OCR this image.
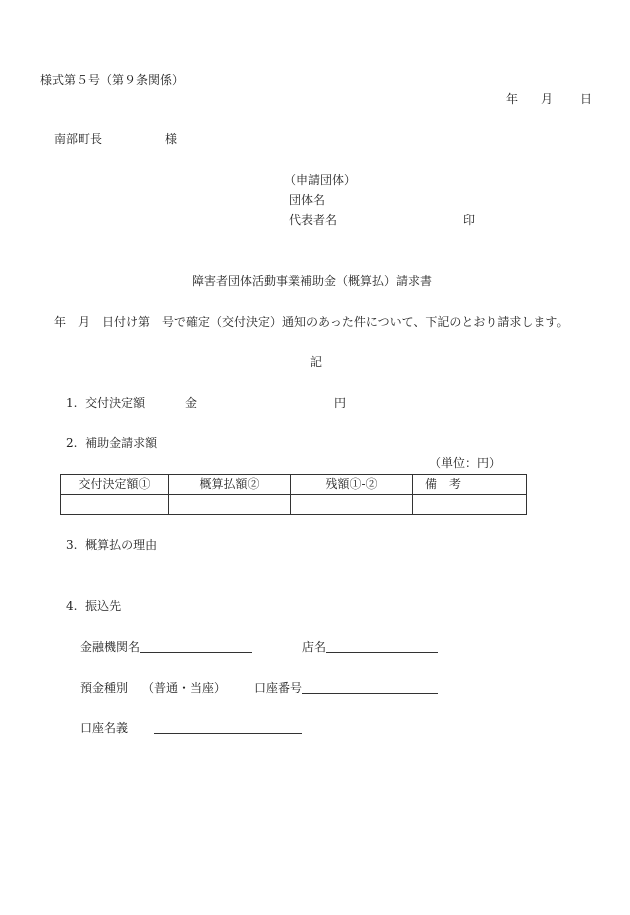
様式第５号（第９条関係）
年 月 日
南部町長	様
（申請団体）
団体名
代表者名	印
障害者団体活動事業補助金（概算払）請求書
年　月　日付け第　号で確定（交付決定）通知のあった件について、下記のとおり請求します。
記
1.  交付決定額	金	円
2.  補助金請求額
（単位：円）
交付決定額①	概算払額②	残額①-②	備　考

3.  概算払の理由
4.  振込先
金融機関名	店名
預金種別 （普通・当座） 口座番号
口座名義
